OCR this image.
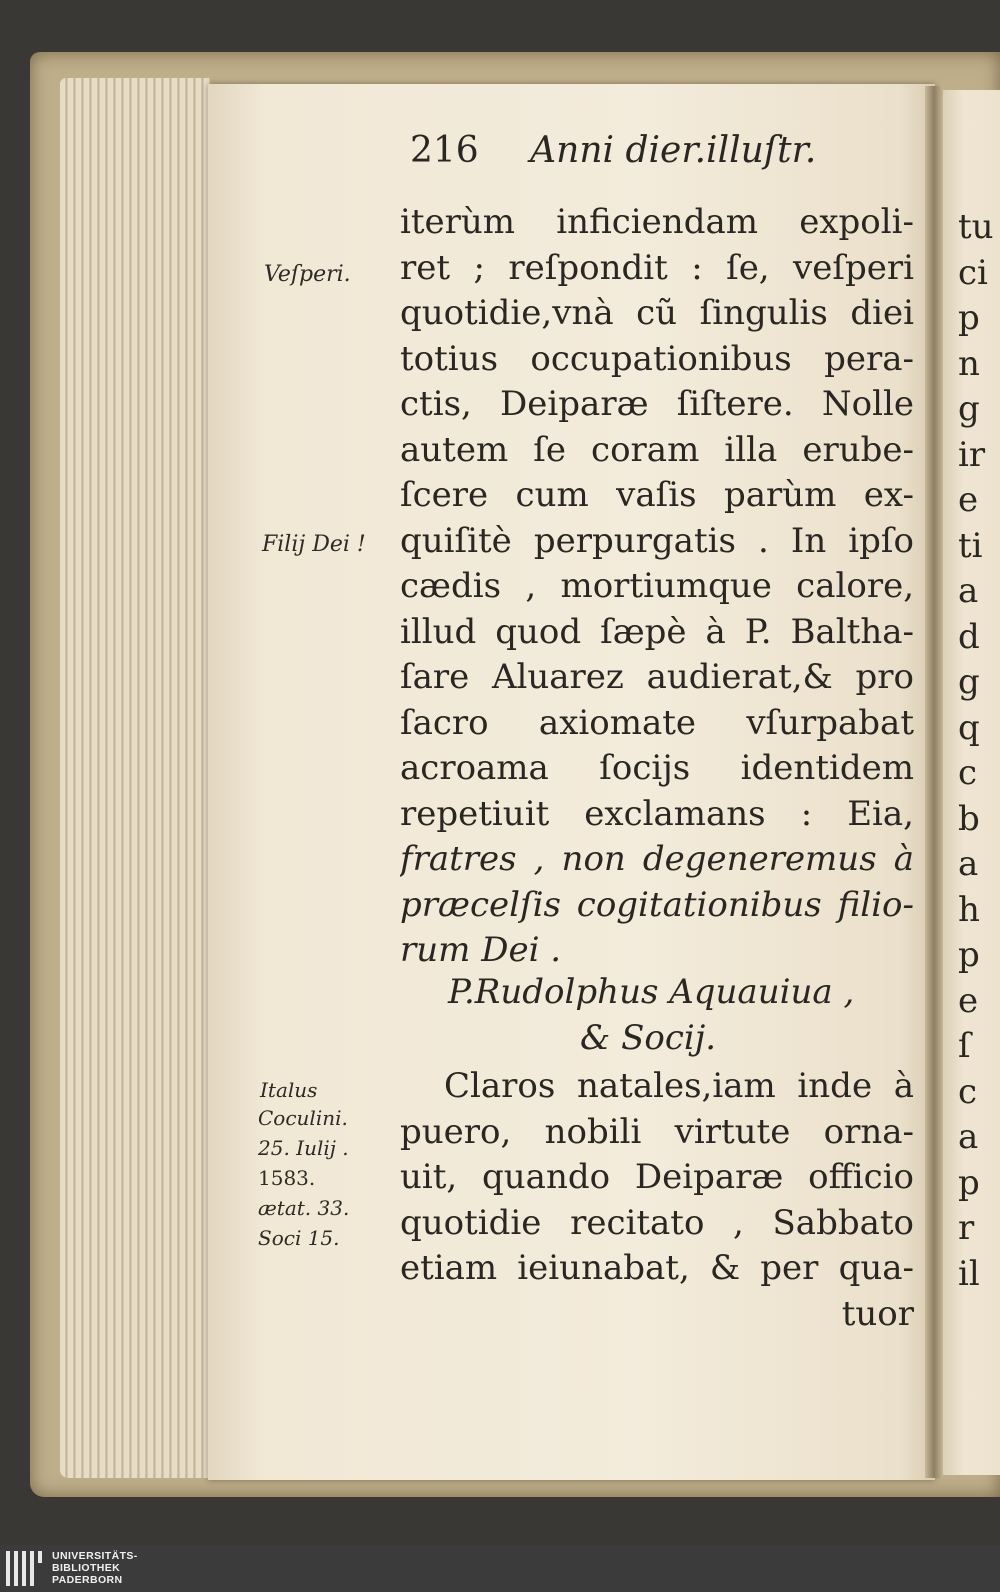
216 Anni dier.illuſtr.
iterùm inficiendam expoli-
ret ; reſpondit : ſe, veſperi
quotidie,vnà cũ ſingulis diei
totius occupationibus pera-
ctis, Deiparæ ſiſtere. Nolle
autem ſe coram illa erube-
ſcere cum vaſis parùm ex-
quiſitè perpurgatis . In ipſo
cædis , mortiumque calore,
illud quod ſæpè à P. Baltha-
ſare Aluarez audierat,& pro
ſacro axiomate vſurpabat
acroama ſocijs identidem
repetiuit exclamans : Eia,
fratres , non degeneremus à
præcelſis cogitationibus filio-
rum Dei .
P.Rudolphus Aquauiua ,
& Socij.
Claros natales,iam inde à
puero, nobili virtute orna-
uit, quando Deiparæ officio
quotidie recitato , Sabbato
etiam ieiunabat, & per qua-
tuor
Veſperi.
Filij Dei !
Italus
Coculini.
25. Iulij .
1583.
ætat. 33.
Soci 15.
tu
ci
p
n
g
ir
e
ti
a
d
g
q
c
b
a
h
p
e
ſ
c
a
p
r
il
UNIVERSITÄTS-
BIBLIOTHEK
PADERBORN
